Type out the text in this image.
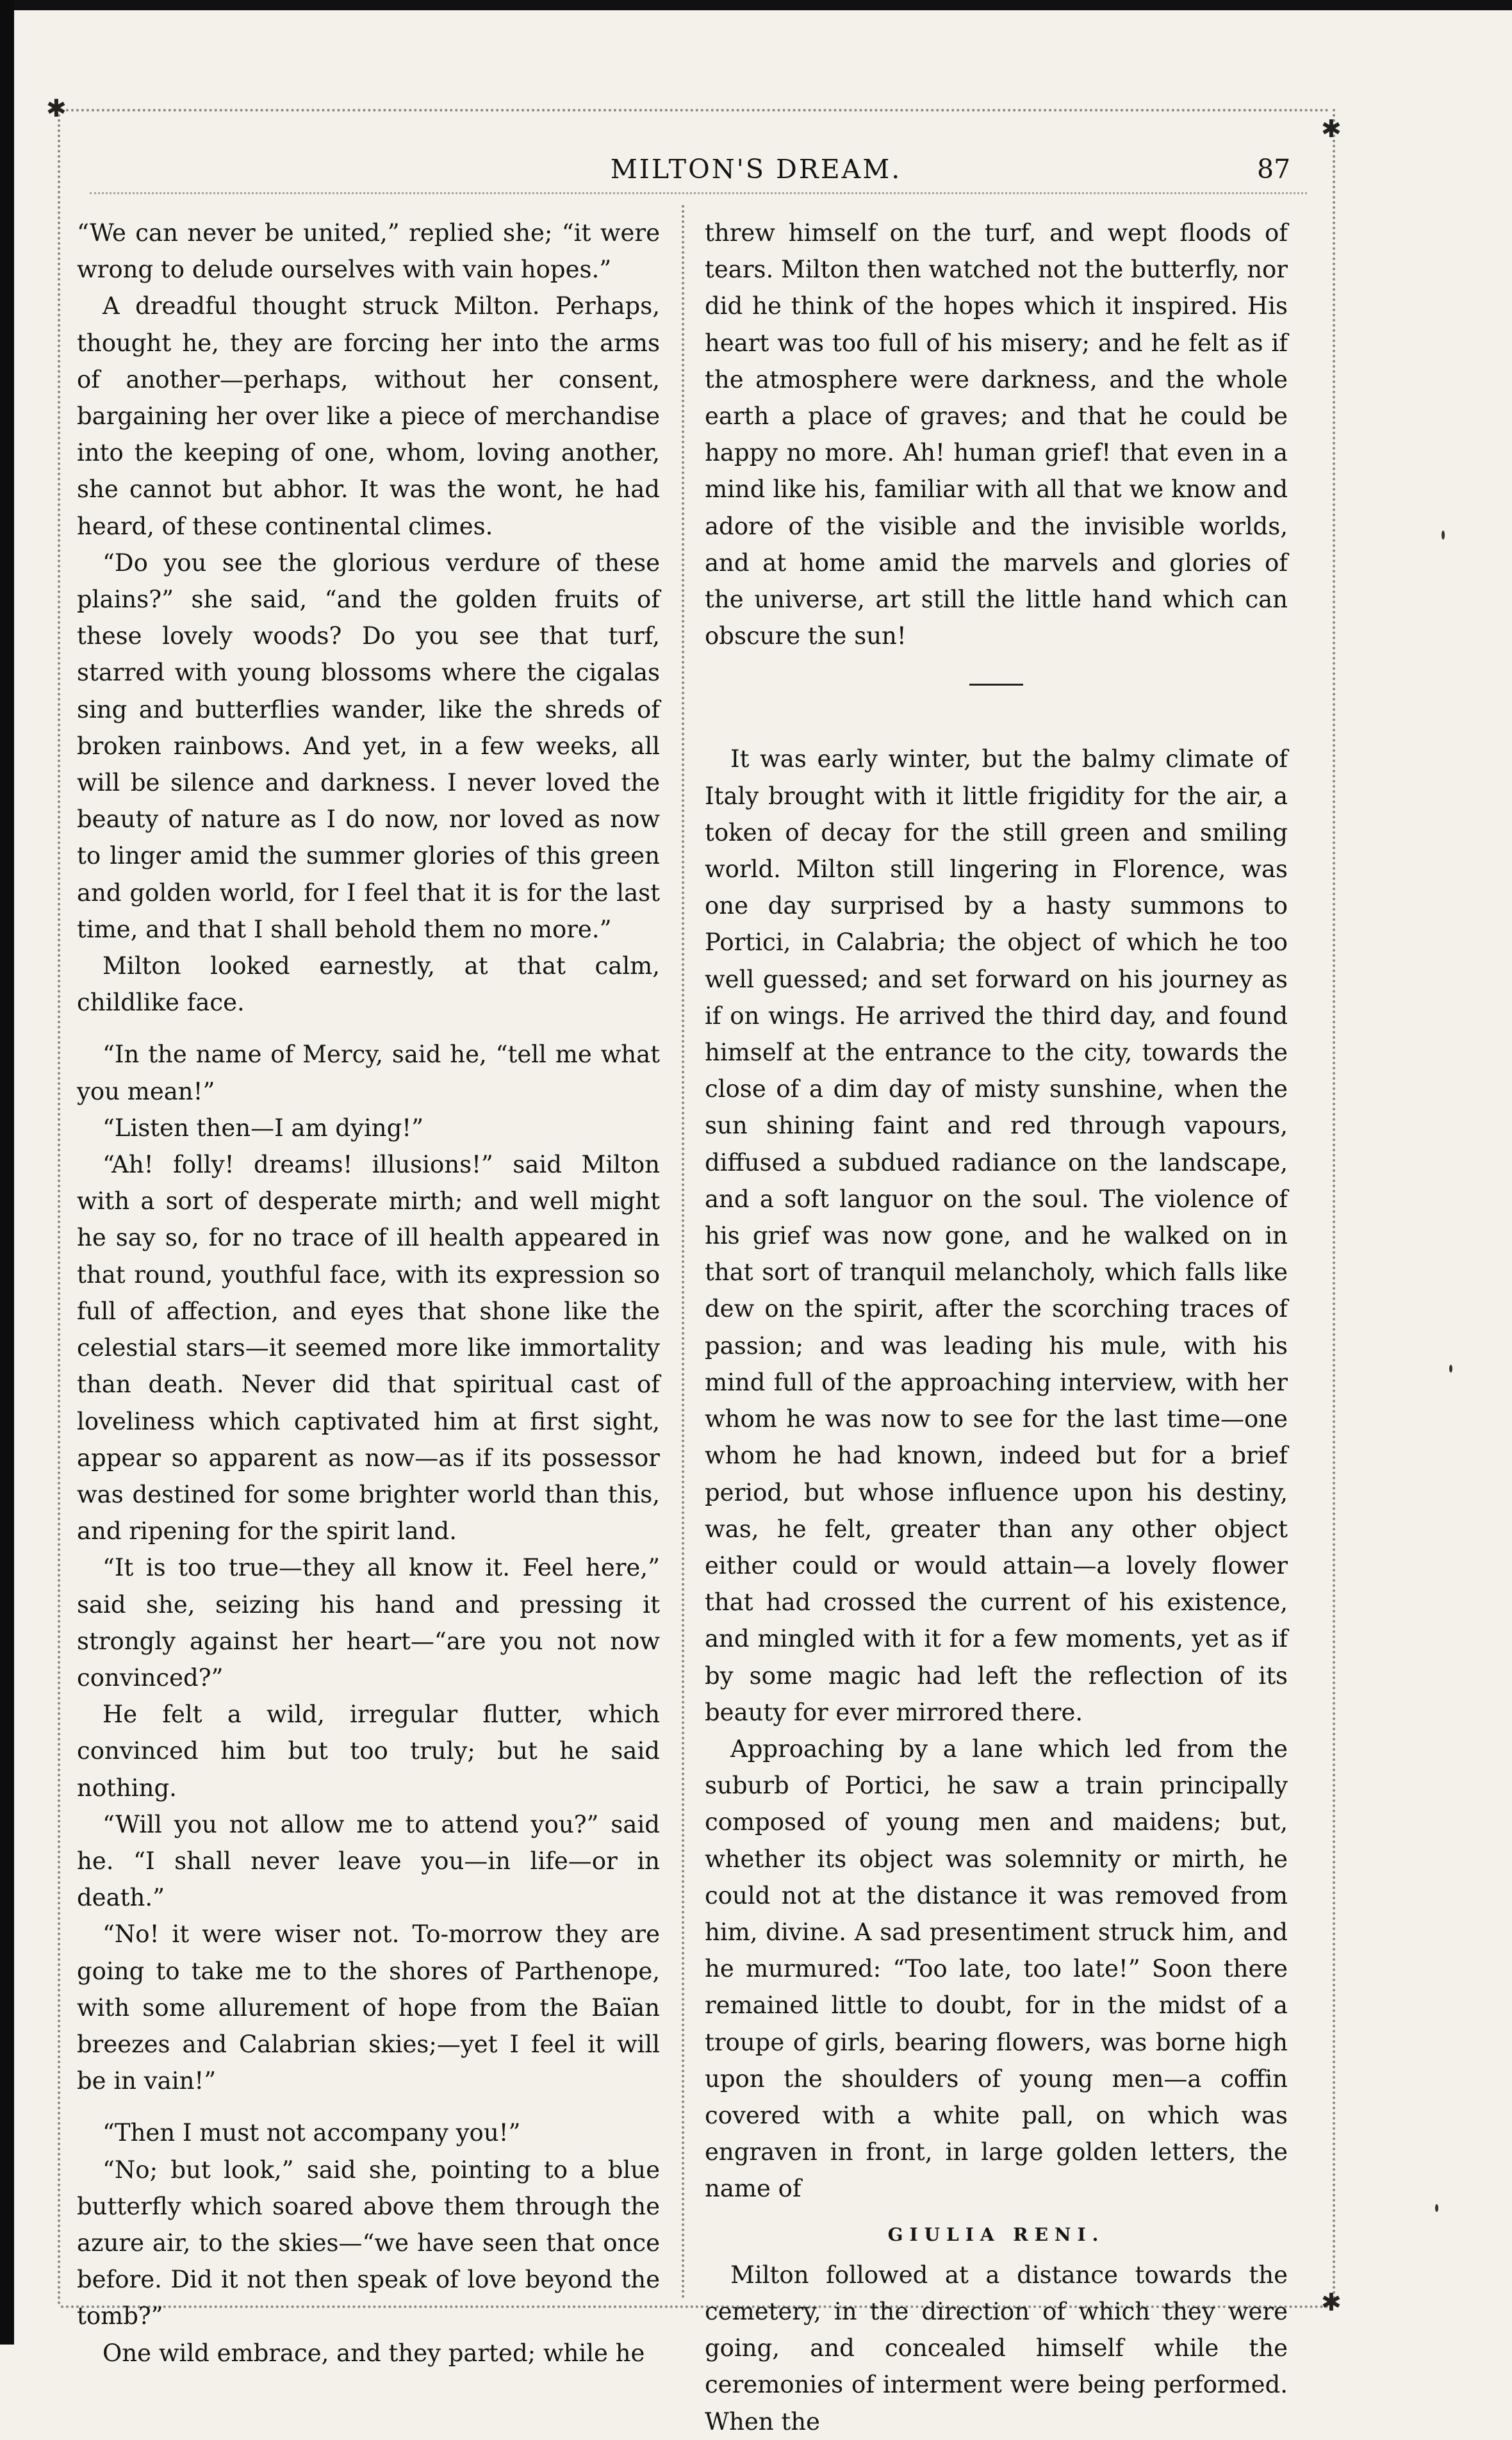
✱
✱
✱
MILTON'S DREAM.	87

“We can never be united,” replied she; “it were wrong to delude ourselves with vain hopes.”

A dreadful thought struck Milton. Perhaps, thought he, they are forcing her into the arms of another—perhaps, without her consent, bargaining her over like a piece of merchandise into the keeping of one, whom, loving another, she cannot but abhor. It was the wont, he had heard, of these continental climes.

“Do you see the glorious verdure of these plains?” she said, “and the golden fruits of these lovely woods? Do you see that turf, starred with young blossoms where the cigalas sing and butterflies wander, like the shreds of broken rainbows. And yet, in a few weeks, all will be silence and darkness. I never loved the beauty of nature as I do now, nor loved as now to linger amid the summer glories of this green and golden world, for I feel that it is for the last time, and that I shall behold them no more.”

Milton looked earnestly, at that calm, childlike face.

“In the name of Mercy, said he, “tell me what you mean!”

“Listen then—I am dying!”

“Ah! folly! dreams! illusions!” said Milton with a sort of desperate mirth; and well might he say so, for no trace of ill health appeared in that round, youthful face, with its expression so full of affection, and eyes that shone like the celestial stars—it seemed more like immortality than death. Never did that spiritual cast of loveliness which captivated him at first sight, appear so apparent as now—as if its possessor was destined for some brighter world than this, and ripening for the spirit land.

“It is too true—they all know it. Feel here,” said she, seizing his hand and pressing it strongly against her heart—“are you not now convinced?”

He felt a wild, irregular flutter, which convinced him but too truly; but he said nothing.

“Will you not allow me to attend you?” said he. “I shall never leave you—in life—or in death.”

“No! it were wiser not. To-morrow they are going to take me to the shores of Parthenope, with some allurement of hope from the Baïan breezes and Calabrian skies;—yet I feel it will be in vain!”

“Then I must not accompany you!”

“No; but look,” said she, pointing to a blue butterfly which soared above them through the azure air, to the skies—“we have seen that once before. Did it not then speak of love beyond the tomb?”

One wild embrace, and they parted; while he

threw himself on the turf, and wept floods of tears. Milton then watched not the butterfly, nor did he think of the hopes which it inspired. His heart was too full of his misery; and he felt as if the atmosphere were darkness, and the whole earth a place of graves; and that he could be happy no more. Ah! human grief! that even in a mind like his, familiar with all that we know and adore of the visible and the invisible worlds, and at home amid the marvels and glories of the universe, art still the little hand which can obscure the sun!

It was early winter, but the balmy climate of Italy brought with it little frigidity for the air, a token of decay for the still green and smiling world. Milton still lingering in Florence, was one day surprised by a hasty summons to Portici, in Calabria; the object of which he too well guessed; and set forward on his journey as if on wings. He arrived the third day, and found himself at the entrance to the city, towards the close of a dim day of misty sunshine, when the sun shining faint and red through vapours, diffused a subdued radiance on the landscape, and a soft languor on the soul. The violence of his grief was now gone, and he walked on in that sort of tranquil melancholy, which falls like dew on the spirit, after the scorching traces of passion; and was leading his mule, with his mind full of the approaching interview, with her whom he was now to see for the last time—one whom he had known, indeed but for a brief period, but whose influence upon his destiny, was, he felt, greater than any other object either could or would attain—a lovely flower that had crossed the current of his existence, and mingled with it for a few moments, yet as if by some magic had left the reflection of its beauty for ever mirrored there.

Approaching by a lane which led from the suburb of Portici, he saw a train principally composed of young men and maidens; but, whether its object was solemnity or mirth, he could not at the distance it was removed from him, divine. A sad presentiment struck him, and he murmured: “Too late, too late!” Soon there remained little to doubt, for in the midst of a troupe of girls, bearing flowers, was borne high upon the shoulders of young men—a coffin covered with a white pall, on which was engraven in front, in large golden letters, the name of

GIULIA RENI.

Milton followed at a distance towards the cemetery, in the direction of which they were going, and concealed himself while the ceremonies of interment were being performed. When the
